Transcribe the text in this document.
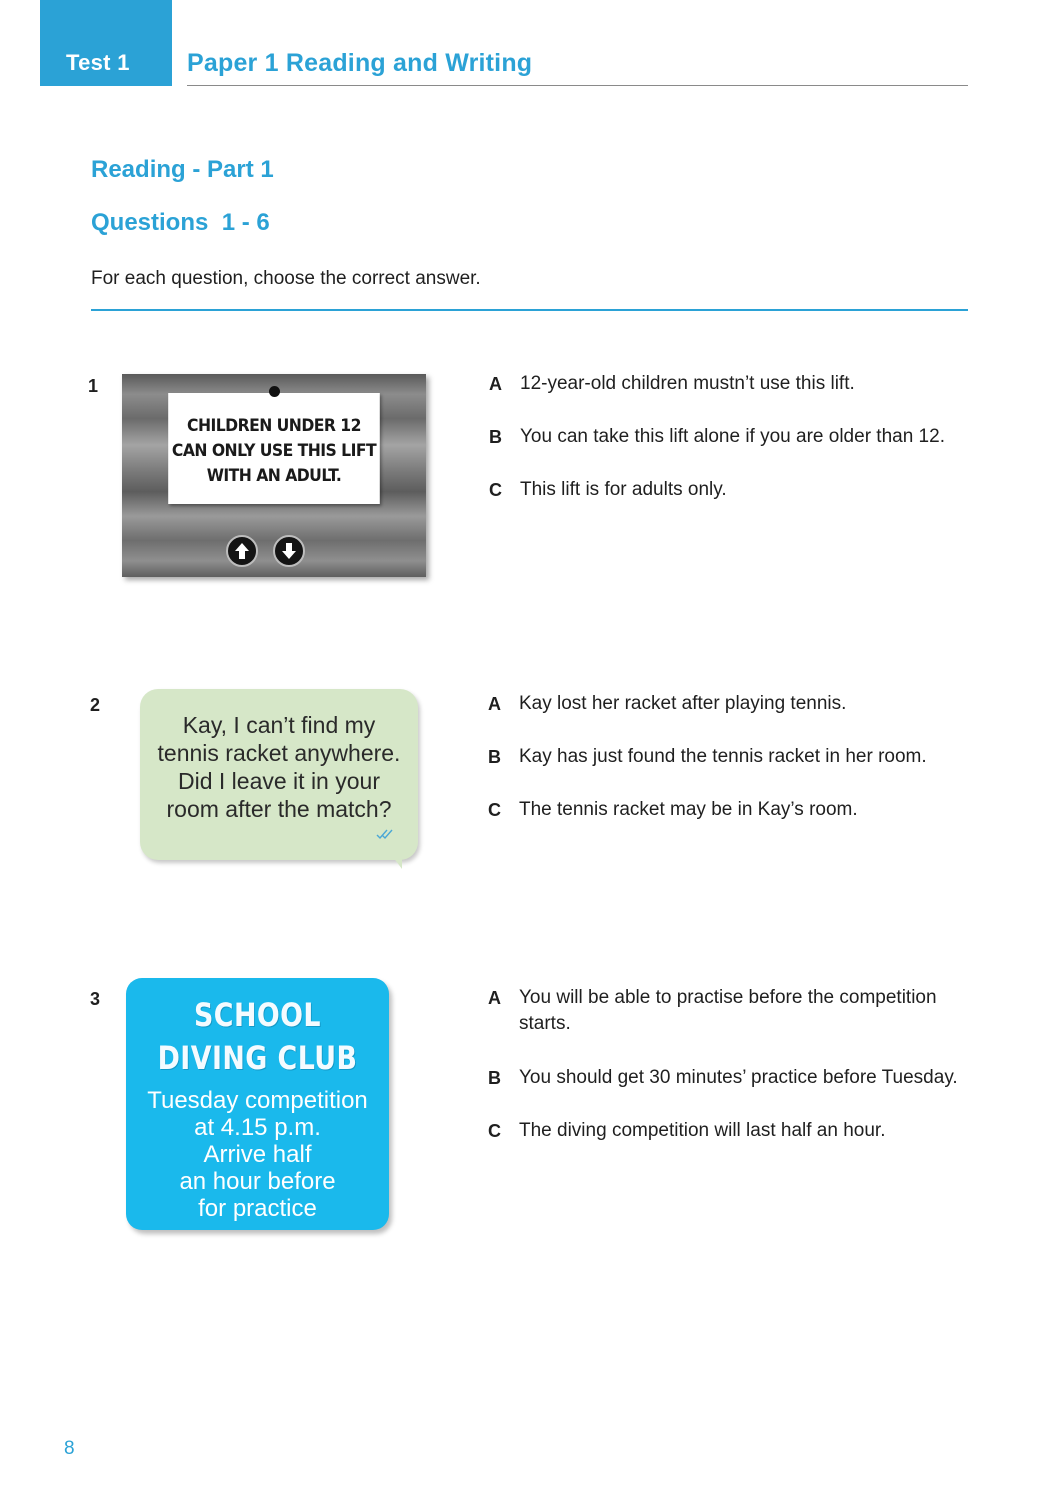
Test 1	Paper 1 Reading and Writing
Reading - Part 1
Questions  1 - 6
For each question, choose the correct answer.
1
CHILDREN UNDER 12
CAN ONLY USE THIS LIFT
WITH AN ADULT.
A 12-year-old children mustn’t use this lift.
B You can take this lift alone if you are older than 12.
C This lift is for adults only.
2
Kay, I can’t find my
tennis racket anywhere.
Did I leave it in your
room after the match?
A Kay lost her racket after playing tennis.
B Kay has just found the tennis racket in her room.
C The tennis racket may be in Kay’s room.
3	SCHOOL
DIVING CLUB
Tuesday competition
at 4.15 p.m.
Arrive half
an hour before
for practice
A You will be able to practise before the competition starts.
B You should get 30 minutes’ practice before Tuesday.
C The diving competition will last half an hour.
8
